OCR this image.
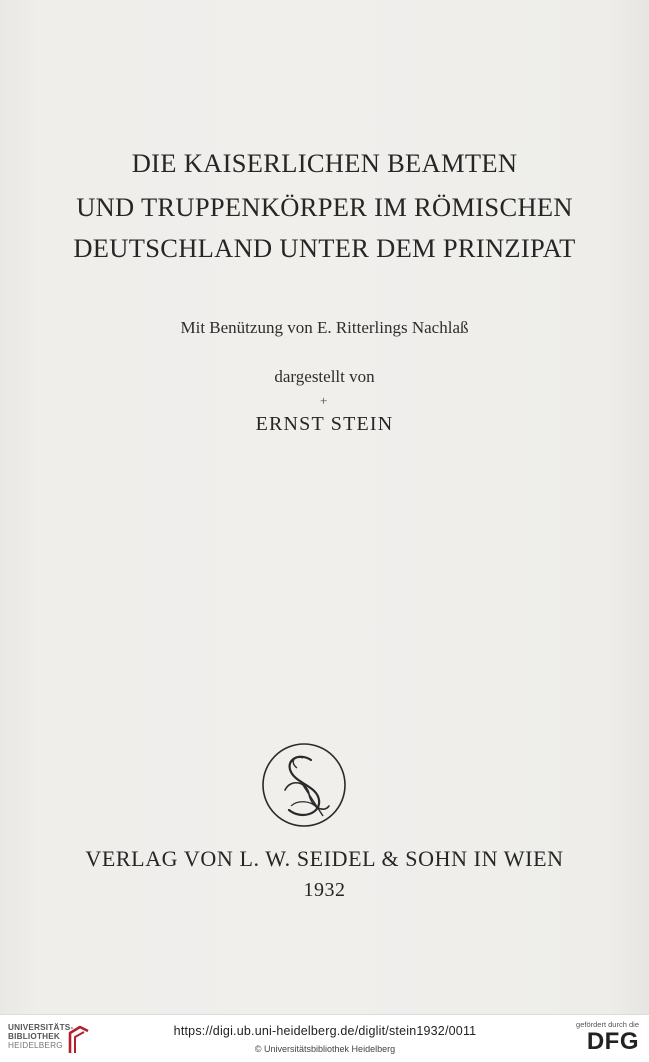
DIE KAISERLICHEN BEAMTEN
UND TRUPPENKÖRPER IM RÖMISCHEN
DEUTSCHLAND UNTER DEM PRINZIPAT
Mit Benützung von E. Ritterlings Nachlaß
dargestellt von
+
ERNST STEIN
VERLAG VON L. W. SEIDEL & SOHN IN WIEN
1932
UNIVERSITÄTS-
BIBLIOTHEK
HEIDELBERG
https://digi.ub.uni-heidelberg.de/diglit/stein1932/0011
© Universitätsbibliothek Heidelberg
gefördert durch die
DFG
